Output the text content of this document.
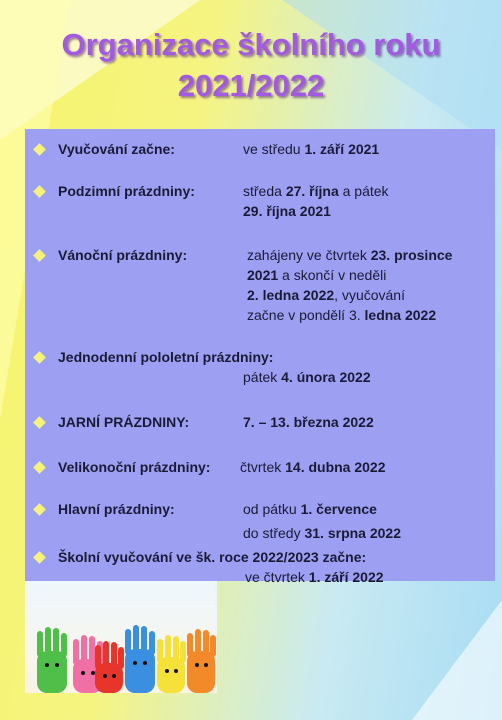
Organizace školního roku
2021/2022
Vyučování začne:	ve středu 1. září 2021
Podzimní prázdniny:	středa 27. října a pátek
29. října 2021
Vánoční prázdniny:	zahájeny ve čtvrtek 23. prosince
2021 a skončí v neděli
2. ledna 2022, vyučování
začne v pondělí 3. ledna 2022
Jednodenní pololetní prázdniny:
pátek 4. února 2022
JARNÍ PRÁZDNINY:	7. – 13. března 2022
Velikonoční prázdniny: čtvrtek 14. dubna 2022
Hlavní prázdniny:	od pátku 1. července
do středy 31. srpna 2022
Školní vyučování ve šk. roce 2022/2023 začne:
ve čtvrtek 1. září 2022
